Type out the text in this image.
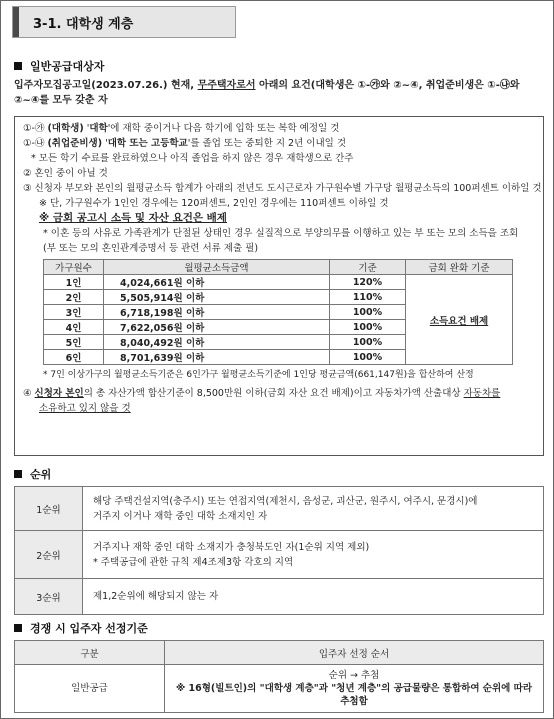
3-1. 대학생 계층
일반공급대상자
입주자모집공고일(2023.07.26.) 현재, 무주택자로서 아래의 요건(대학생은 ①-㉮와 ②~④, 취업준비생은 ①-㉯와
②~④를 모두 갖춘 자
①-㉮ (대학생) '대학'에 재학 중이거나 다음 학기에 입학 또는 복학 예정일 것
①-㉯ (취업준비생) '대학 또는 고등학교'를 졸업 또는 중퇴한 지 2년 이내일 것
* 모든 학기 수료를 완료하였으나 아직 졸업을 하지 않은 경우 재학생으로 간주
② 혼인 중이 아닐 것
③ 신청자 부모와 본인의 월평균소득 합계가 아래의 전년도 도시근로자 가구원수별 가구당 월평균소득의 100퍼센트 이하일 것
※ 단, 가구원수가 1인인 경우에는 120퍼센트, 2인인 경우에는 110퍼센트 이하일 것
※ 금회 공고시 소득 및 자산 요건은 배제
* 이혼 등의 사유로 가족관계가 단절된 상태인 경우 실질적으로 부양의무를 이행하고 있는 부 또는 모의 소득을 조회
(부 또는 모의 혼인관계증명서 등 관련 서류 제출 필)
가구원수	월평균소득금액	기준	금회 완화 기준
1인	4,024,661원 이하	120%	소득요건 배제
2인	5,505,914원 이하	110%	
3인	6,718,198원 이하	100%	
4인	7,622,056원 이하	100%	
5인	8,040,492원 이하	100%	
6인	8,701,639원 이하	100%	
* 7인 이상가구의 월평균소득기준은 6인가구 월평균소득기준에 1인당 평균금액(661,147원)을 합산하여 산정
④ 신청자 본인의 총 자산가액 합산기준이 8,500만원 이하(금회 자산 요건 배제)이고 자동차가액 산출대상 자동차를
소유하고 있지 않을 것
순위
1순위	해당 주택건설지역(충주시) 또는 연접지역(제천시, 음성군, 괴산군, 원주시, 여주시, 문경시)에
거주지 이거나 재학 중인 대학 소재지인 자

2순위	거주지나 재학 중인 대학 소재지가 충청북도인 자(1순위 지역 제외)
* 주택공급에 관한 규칙 제4조제3항 각호의 지역

3순위	제1,2순위에 해당되지 않는 자
경쟁 시 입주자 선정기준
구분	입주자 선정 순서
일반공급	순위 → 추첨
※ 16형(빌트인)의 "대학생 계층"과 "청년 계층"의 공급물량은 통합하여 순위에 따라
추첨함
